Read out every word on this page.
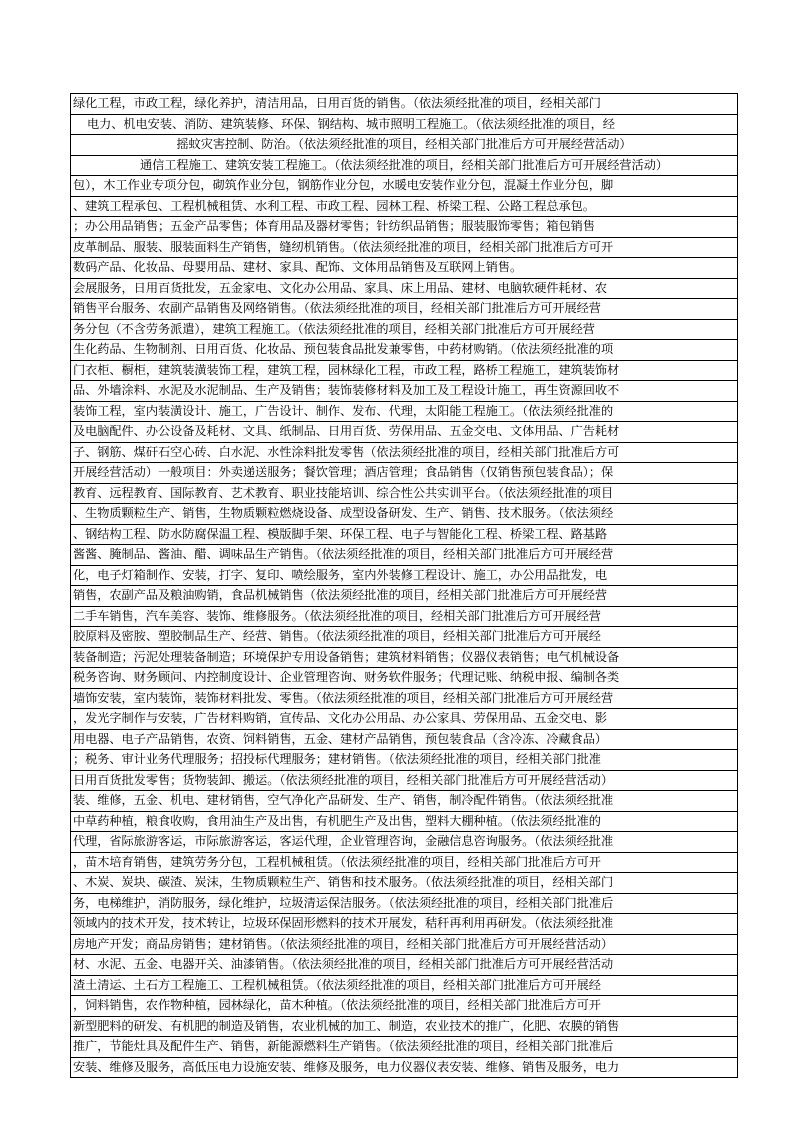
绿化工程，市政工程，绿化养护，清洁用品，日用百货的销售。（依法须经批准的项目，经相关部门
电力、机电安装、消防、建筑装修、环保、钢结构、城市照明工程施工。（依法须经批准的项目，经
摇蚊灾害控制、防治。（依法须经批准的项目，经相关部门批准后方可开展经营活动）
通信工程施工、建筑安装工程施工。（依法须经批准的项目，经相关部门批准后方可开展经营活动）
包），木工作业专项分包，砌筑作业分包，钢筋作业分包，水暖电安装作业分包，混凝土作业分包，脚
、建筑工程承包、工程机械租赁、水利工程、市政工程、园林工程、桥梁工程、公路工程总承包。
；办公用品销售；五金产品零售；体育用品及器材零售；针纺织品销售；服装服饰零售；箱包销售
皮革制品、服装、服装面料生产销售，缝纫机销售。（依法须经批准的项目，经相关部门批准后方可开
数码产品、化妆品、母婴用品、建材、家具、配饰、文体用品销售及互联网上销售。
会展服务，日用百货批发，五金家电、文化办公用品、家具、床上用品、建材、电脑软硬件耗材、农
销售平台服务、农副产品销售及网络销售。（依法须经批准的项目，经相关部门批准后方可开展经营
务分包（不含劳务派遣），建筑工程施工。（依法须经批准的项目，经相关部门批准后方可开展经营
生化药品、生物制剂、日用百货、化妆品、预包装食品批发兼零售，中药材购销。（依法须经批准的项
门衣柜、橱柜，建筑装潢装饰工程，建筑工程，园林绿化工程，市政工程，路桥工程施工，建筑装饰材
品、外墙涂料、水泥及水泥制品、生产及销售；装饰装修材料及加工及工程设计施工，再生资源回收不
装饰工程，室内装潢设计、施工，广告设计、制作、发布、代理，太阳能工程施工。（依法须经批准的
及电脑配件、办公设备及耗材、文具、纸制品、日用百货、劳保用品、五金交电、文体用品、广告耗材
子、钢筋、煤矸石空心砖、白水泥、水性涂料批发零售（依法须经批准的项目，经相关部门批准后方可
开展经营活动）一般项目：外卖递送服务；餐饮管理；酒店管理；食品销售（仅销售预包装食品）；保
教育、远程教育、国际教育、艺术教育、职业技能培训、综合性公共实训平台。（依法须经批准的项目
、生物质颗粒生产、销售，生物质颗粒燃烧设备、成型设备研发、生产、销售、技术服务。（依法须经
、钢结构工程、防水防腐保温工程、模版脚手架、环保工程、电子与智能化工程、桥梁工程、路基路
酱酱、腌制品、酱油、醋、调味品生产销售。（依法须经批准的项目，经相关部门批准后方可开展经营
化，电子灯箱制作、安装，打字、复印、喷绘服务，室内外装修工程设计、施工，办公用品批发，电
销售，农副产品及粮油购销，食品机械销售（依法须经批准的项目，经相关部门批准后方可开展经营
二手车销售，汽车美容、装饰、维修服务。（依法须经批准的项目，经相关部门批准后方可开展经营
胶原料及密胺、塑胶制品生产、经营、销售。（依法须经批准的项目，经相关部门批准后方可开展经
装备制造；污泥处理装备制造；环境保护专用设备销售；建筑材料销售；仪器仪表销售；电气机械设备
税务咨询、财务顾问、内控制度设计、企业管理咨询、财务软件服务；代理记账、纳税申报、编制各类
墙饰安装，室内装饰，装饰材料批发、零售。（依法须经批准的项目，经相关部门批准后方可开展经营
，发光字制作与安装，广告材料购销，宣传品、文化办公用品、办公家具、劳保用品、五金交电、影
用电器、电子产品销售，农资、饲料销售，五金、建材产品销售，预包装食品（含冷冻、冷藏食品）
；税务、审计业务代理服务；招投标代理服务；建材销售。（依法须经批准的项目，经相关部门批准
日用百货批发零售；货物装卸、搬运。（依法须经批准的项目，经相关部门批准后方可开展经营活动）
装、维修，五金、机电、建材销售，空气净化产品研发、生产、销售，制冷配件销售。（依法须经批准
中草药种植，粮食收购，食用油生产及出售，有机肥生产及出售，塑料大棚种植。（依法须经批准的
代理，省际旅游客运，市际旅游客运，客运代理，企业管理咨询，金融信息咨询服务。（依法须经批准
，苗木培育销售，建筑劳务分包，工程机械租赁。（依法须经批准的项目，经相关部门批准后方可开
、木炭、炭块、碳渣、炭沫，生物质颗粒生产、销售和技术服务。（依法须经批准的项目，经相关部门
务，电梯维护，消防服务，绿化维护，垃圾清运保洁服务。（依法须经批准的项目，经相关部门批准后
领域内的技术开发，技术转让，垃圾环保固形燃料的技术开展发，秸秆再利用再研发。（依法须经批准
房地产开发；商品房销售；建材销售。（依法须经批准的项目，经相关部门批准后方可开展经营活动）
材、水泥、五金、电器开关、油漆销售。（依法须经批准的项目，经相关部门批准后方可开展经营活动
渣土清运、土石方工程施工、工程机械租赁。（依法须经批准的项目，经相关部门批准后方可开展经
，饲料销售，农作物种植，园林绿化，苗木种植。（依法须经批准的项目，经相关部门批准后方可开
新型肥料的研发、有机肥的制造及销售，农业机械的加工、制造，农业技术的推广，化肥、农膜的销售
推广，节能灶具及配件生产、销售，新能源燃料生产销售。（依法须经批准的项目，经相关部门批准后
安装、维修及服务，高低压电力设施安装、维修及服务，电力仪器仪表安装、维修、销售及服务，电力
